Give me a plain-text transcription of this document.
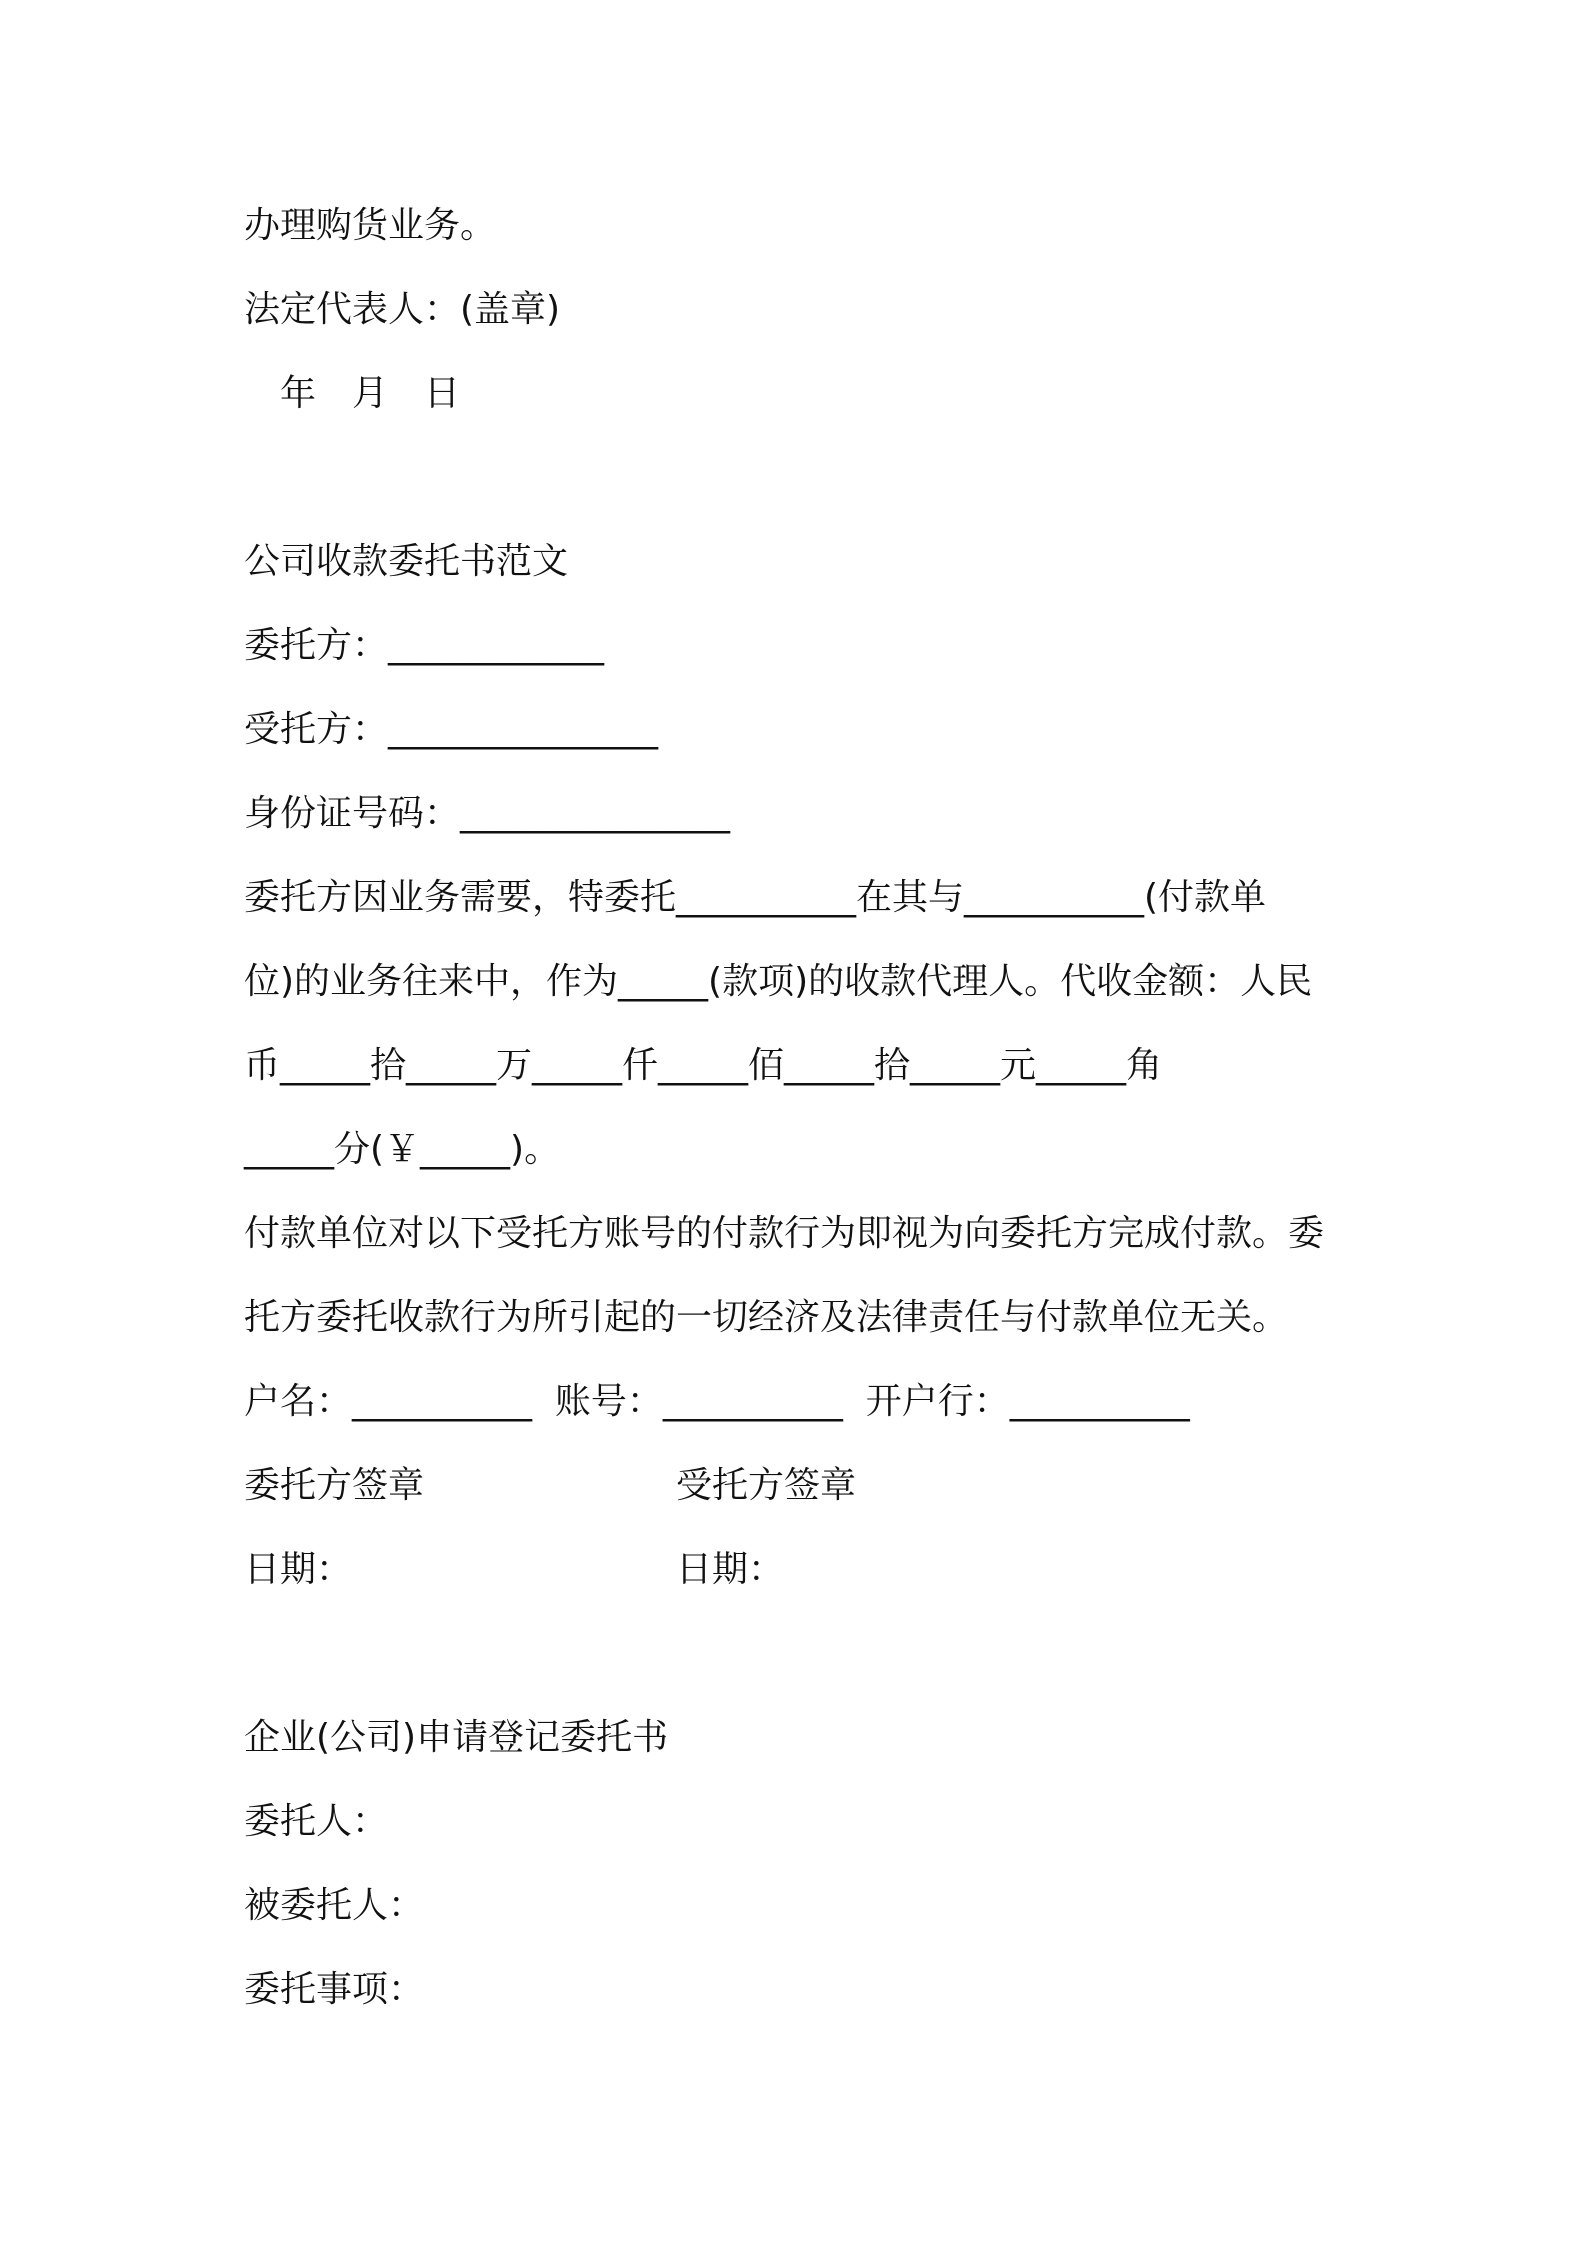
办理购货业务。
法定代表人：(盖章)
　年　月　日
公司收款委托书范文
委托方：____________
受托方：_______________
身份证号码：_______________
委托方因业务需要，特委托__________在其与__________(付款单
位)的业务往来中，作为_____(款项)的收款代理人。代收金额：人民
币_____拾_____万_____仟_____佰_____拾_____元_____角
_____分(￥_____)。
付款单位对以下受托方账号的付款行为即视为向委托方完成付款。委
托方委托收款行为所引起的一切经济及法律责任与付款单位无关。
户名：__________  账号：__________  开户行：__________
委托方签章	受托方签章
日期：	日期：
企业(公司)申请登记委托书
委托人：
被委托人：
委托事项：
